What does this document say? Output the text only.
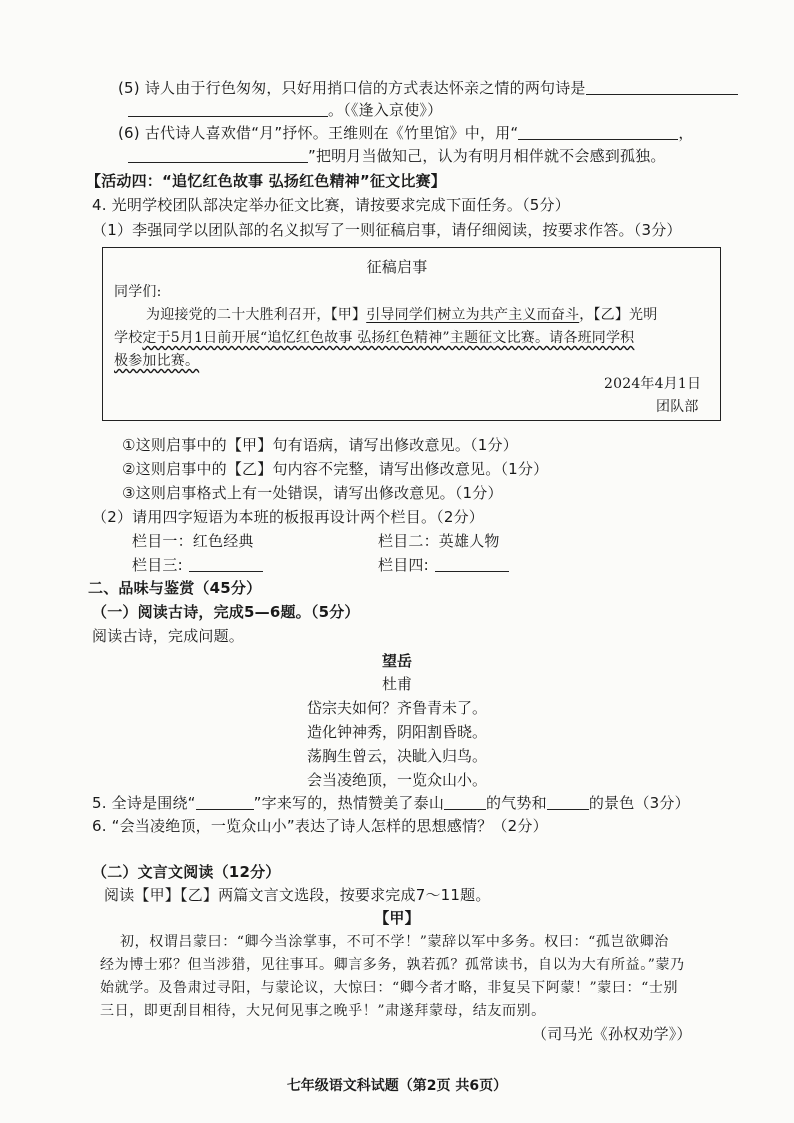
(5) 诗人由于行色匆匆，只好用捎口信的方式表达怀亲之情的两句诗是
。（《逢入京使》）
(6) 古代诗人喜欢借“月”抒怀。王维则在《竹里馆》中，用“	，
”把明月当做知己，认为有明月相伴就不会感到孤独。
【活动四：“追忆红色故事 弘扬红色精神”征文比赛】
4. 光明学校团队部决定举办征文比赛，请按要求完成下面任务。（5分）
（1）李强同学以团队部的名义拟写了一则征稿启事，请仔细阅读，按要求作答。（3分）
征稿启事
同学们:
为迎接党的二十大胜利召开，【甲】引导同学们树立为共产主义而奋斗，【乙】光明
学校定于5月1日前开展“追忆红色故事 弘扬红色精神”主题征文比赛。请各班同学积
极参加比赛。
2024年4月1日
团队部
①这则启事中的【甲】句有语病，请写出修改意见。（1分）
②这则启事中的【乙】句内容不完整，请写出修改意见。（1分）
③这则启事格式上有一处错误，请写出修改意见。（1分）
（2）请用四字短语为本班的板报再设计两个栏目。（2分）
栏目一：红色经典	栏目二：英雄人物
栏目三:	栏目四:
二、品味与鉴赏（45分）
（一）阅读古诗，完成5—6题。（5分）
阅读古诗，完成问题。
望岳
杜甫
岱宗夫如何？齐鲁青未了。
造化钟神秀，阴阳割昏晓。
荡胸生曾云，决眦入归鸟。
会当凌绝顶，一览众山小。
5. 全诗是围绕“	”字来写的，热情赞美了泰山	的气势和	的景色（3分）
6. “会当凌绝顶，一览众山小”表达了诗人怎样的思想感情？（2分）
（二）文言文阅读（12分）
阅读【甲】【乙】两篇文言文选段，按要求完成7～11题。
【甲】
初，权谓吕蒙曰：“卿今当涂掌事，不可不学！”蒙辞以军中多务。权曰：“孤岂欲卿治
经为博士邪？但当涉猎，见往事耳。卿言多务，孰若孤？孤常读书，自以为大有所益。”蒙乃
始就学。及鲁肃过寻阳，与蒙论议，大惊曰：“卿今者才略，非复吴下阿蒙！”蒙曰：“士别
三日，即更刮目相待，大兄何见事之晚乎！”肃遂拜蒙母，结友而别。
（司马光《孙权劝学》）
七年级语文科试题（第2页 共6页）
